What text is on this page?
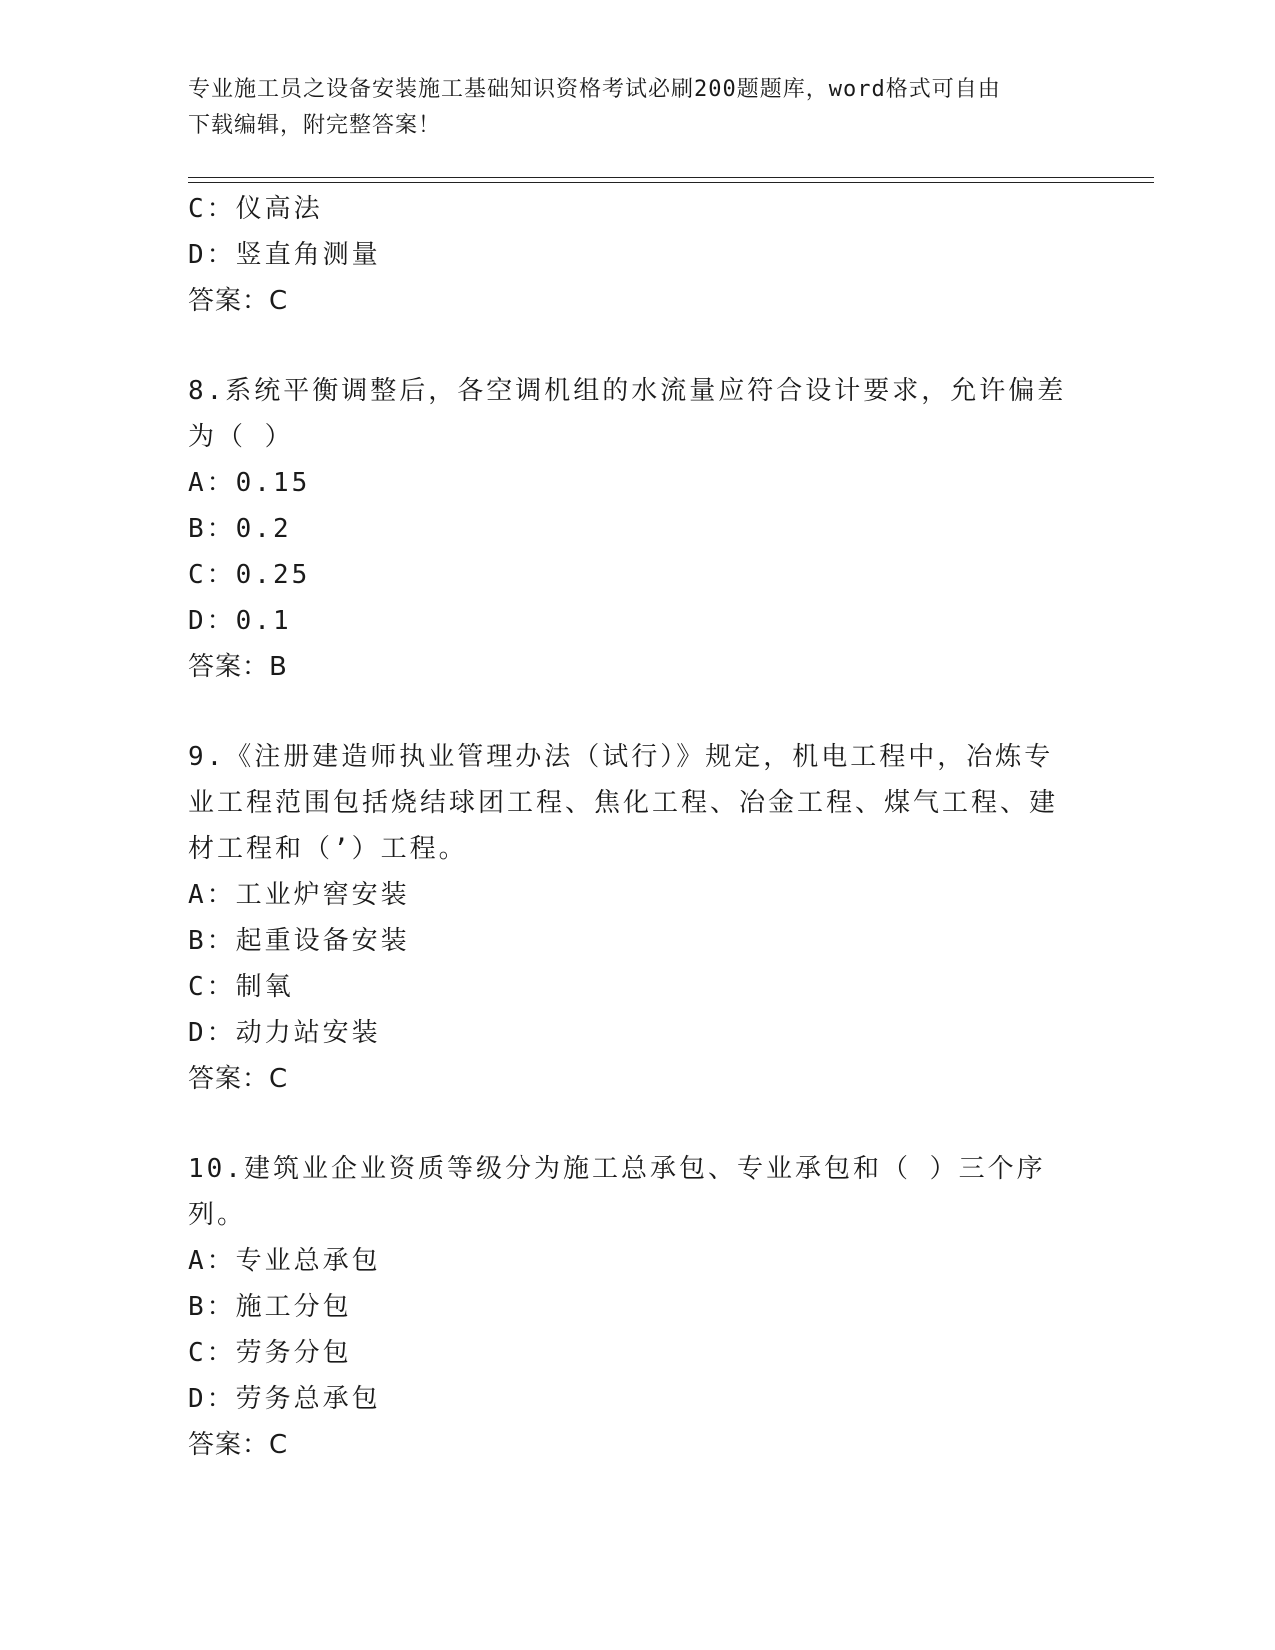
专业施工员之设备安装施工基础知识资格考试必刷200题题库，word格式可自由
下载编辑，附完整答案！
C：仪高法
D：竖直角测量
答案：C
8.系统平衡调整后，各空调机组的水流量应符合设计要求，允许偏差为（ ）
A：0.15
B：0.2
C：0.25
D：0.1
答案：B
9.《注册建造师执业管理办法（试行）》规定，机电工程中，冶炼专业工程范围包括烧结球团工程、焦化工程、冶金工程、煤气工程、建材工程和（’）工程。
A：工业炉窖安装
B：起重设备安装
C：制氧
D：动力站安装
答案：C
10.建筑业企业资质等级分为施工总承包、专业承包和（ ）三个序列。
A：专业总承包
B：施工分包
C：劳务分包
D：劳务总承包
答案：C
